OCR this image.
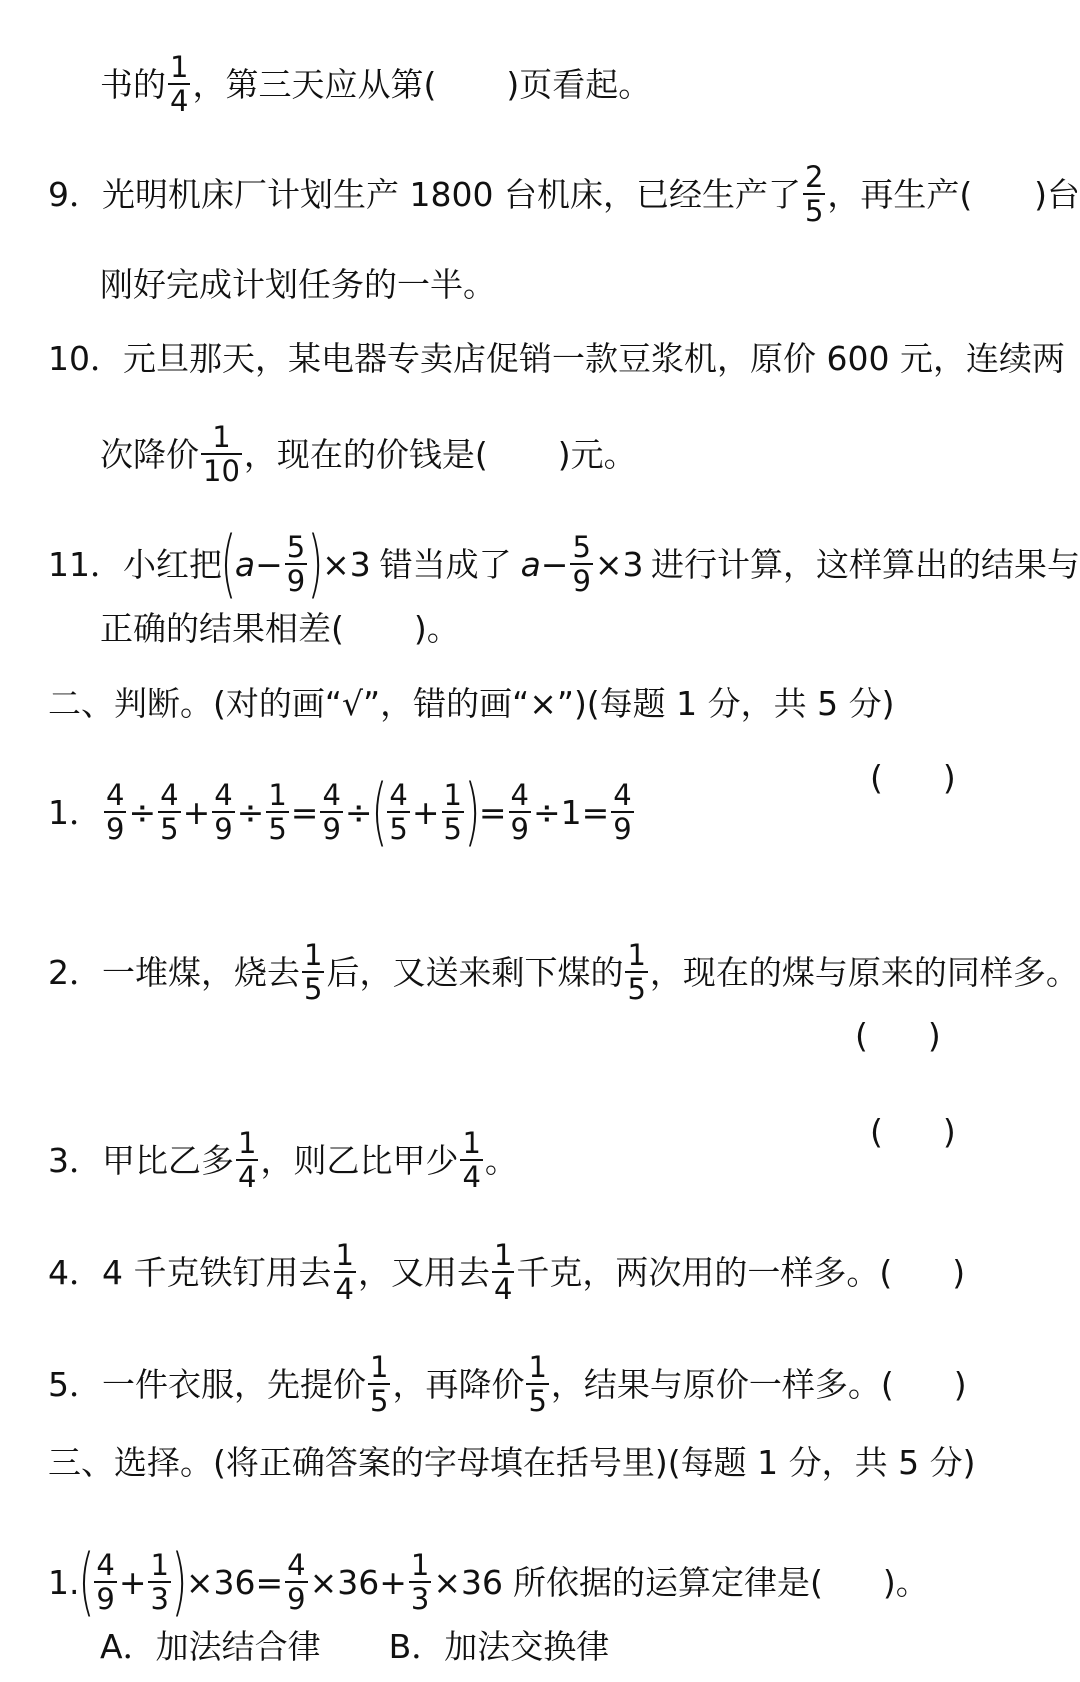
书的 $\frac{1}{4}$ ，第三天应从第( )页看起。
9． 光明机床厂计划生产 1800 台机床，已经生产了 $\frac{2}{5}$ ，再生产( )台
刚好完成计划任务的一半。
10． 元旦那天，某电器专卖店促销一款豆浆机，原价 600 元，连续两
次降价 $\frac{1}{10}$ ，现在的价钱是( )元。
11． 小红把
(
$a - \frac{5}{9}$ )
×3 错当成了 $a - \frac{5}{9} \times 3$ 进行计算，这样算出的结果与
正确的结果相差( )。
二、判断。(对的画“√”，错的画“×”)(每题 1 分，共 5 分)
1． $\frac{4}{9} \div \frac{4}{5} + \frac{4}{9} \div \frac{1}{5} = \frac{4}{9}$ ÷
( $\frac{4}{5} + \frac{1}{5}$ )
= $\frac{4}{9} \div 1 = \frac{4}{9}$
( )
2． 一堆煤，烧去 $\frac{1}{5}$ 后，又送来剩下煤的 $\frac{1}{5}$ ，现在的煤与原来的同样多。
( )
3． 甲比乙多 $\frac{1}{4}$ ，则乙比甲少 $\frac{1}{4}$ 。
( )
4． 4 千克铁钉用去 $\frac{1}{4}$ ，又用去 $\frac{1}{4}$ 千克，两次用的一样多。( )
5． 一件衣服，先提价 $\frac{1}{5}$ ，再降价 $\frac{1}{5}$ ，结果与原价一样多。( )
三、选择。(将正确答案的字母填在括号里)(每题 1 分，共 5 分)
1.
( $\frac{4}{9} + \frac{1}{3}$ )
$\times 36 = \frac{4}{9} \times 36 + \frac{1}{3} \times 36$ 所依据的运算定律是( )。
A．加法结合律 B．加法交换律
